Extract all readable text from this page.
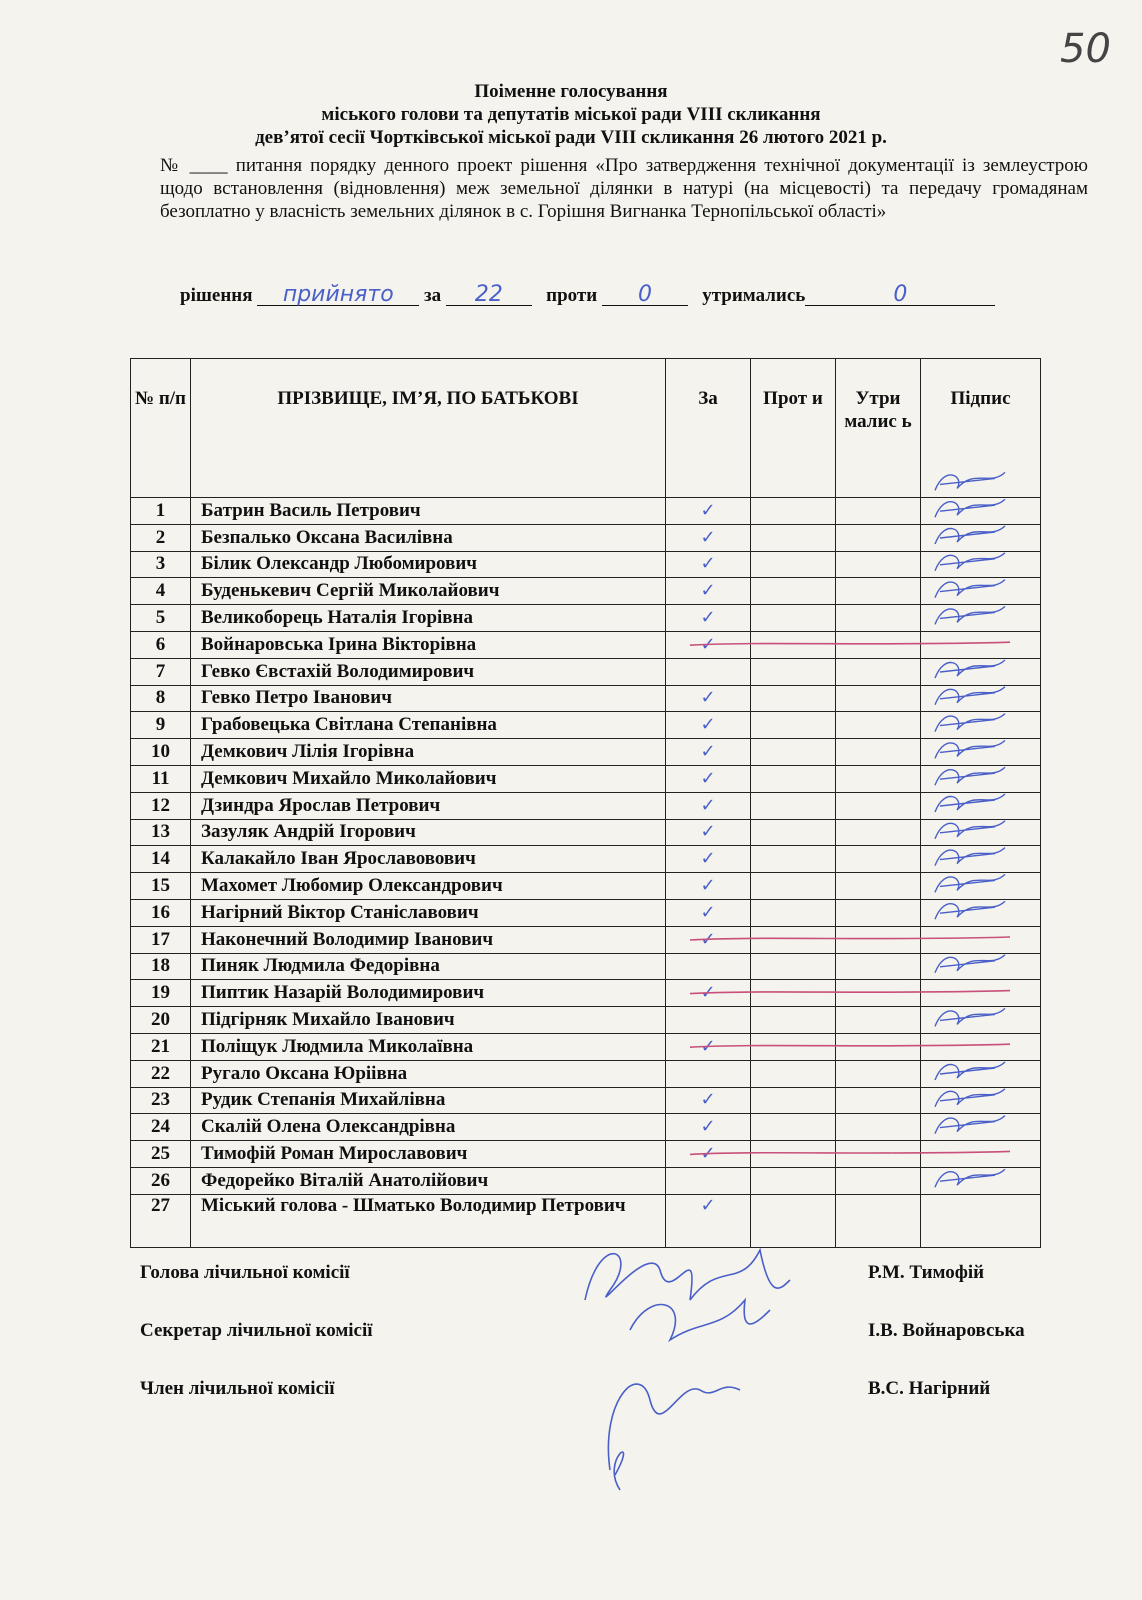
50
Поіменне голосування
міського голови та депутатів міської ради VIII скликання
дев’ятої сесії Чортківської міської ради VIII скликання 26 лютого 2021 р.
№ ____ питання порядку денного проект рішення «Про затвердження технічної документації із землеустрою щодо встановлення (відновлення) меж земельної ділянки в натурі (на місцевості) та передачу громадянам безоплатно у власність земельних ділянок в с. Горішня Вигнанка Тернопільської області»
рішення прийнято за 22 проти 0	утримались	0
№ п/п	ПРІЗВИЩЕ, ІМ’Я, ПО БАТЬКОВІ	За	Прот и	Утри малис ь	Підпис
1	Батрин Василь Петрович	✓			
2	Безпалько Оксана Василівна	✓			
3	Білик Олександр Любомирович	✓			
4	Буденькевич Сергій Миколайович	✓			
5	Великоборець Наталія Ігорівна	✓			
6	Войнаровська Ірина Вікторівна	✓			
7	Гевко Євстахій Володимирович				
8	Гевко Петро Іванович	✓			
9	Грабовецька Світлана Степанівна	✓			
10	Демкович Лілія Ігорівна	✓			
11	Демкович Михайло Миколайович	✓			
12	Дзиндра Ярослав Петрович	✓			
13	Зазуляк Андрій Ігорович	✓			
14	Калакайло Іван Ярославовович	✓			
15	Махомет Любомир Олександрович	✓			
16	Нагірний Віктор Станіславович	✓			
17	Наконечний Володимир Іванович	✓			
18	Пиняк Людмила Федорівна				
19	Пиптик Назарій Володимирович	✓			
20	Підгірняк Михайло Іванович				
21	Поліщук Людмила Миколаївна	✓			
22	Ругало Оксана Юріівна				
23	Рудик Степанія Михайлівна	✓			
24	Скалій Олена Олександрівна	✓			
25	Тимофій Роман Мирославович	✓			
26	Федорейко Віталій Анатолійович				
27	Міський голова - Шматько Володимир Петрович	✓			
Голова лічильної комісії	Р.М. Тимофій
Секретар лічильної комісії	І.В. Войнаровська
Член лічильної комісії	В.С. Нагірний
